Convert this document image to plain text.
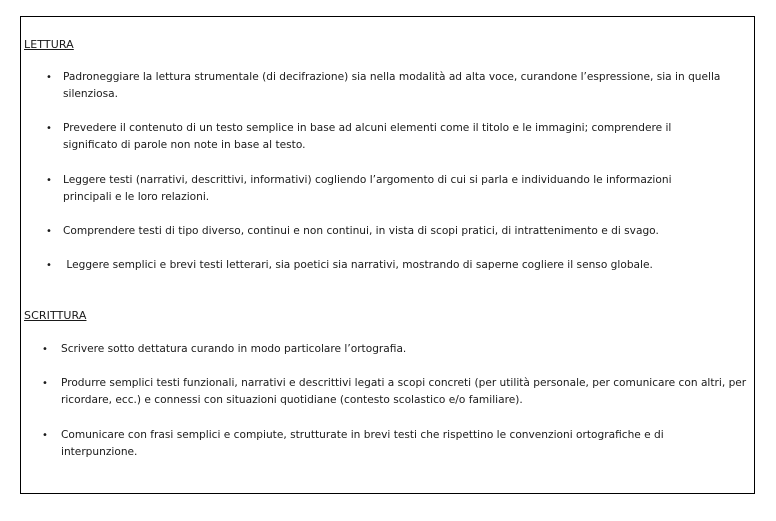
LETTURA
• Padroneggiare la lettura strumentale (di decifrazione) sia nella modalità ad alta voce, curandone l’espressione, sia in quella silenziosa.
• Prevedere il contenuto di un testo semplice in base ad alcuni elementi come il titolo e le immagini; comprendere il significato di parole non note in base al testo.
• Leggere testi (narrativi, descrittivi, informativi) cogliendo l’argomento di cui si parla e individuando le informazioni principali e le loro relazioni.
• Comprendere testi di tipo diverso, continui e non continui, in vista di scopi pratici, di intrattenimento e di svago.
• Leggere semplici e brevi testi letterari, sia poetici sia narrativi, mostrando di saperne cogliere il senso globale.
SCRITTURA
• Scrivere sotto dettatura curando in modo particolare l’ortografia.
• Produrre semplici testi funzionali, narrativi e descrittivi legati a scopi concreti (per utilità personale, per comunicare con altri, per ricordare, ecc.) e connessi con situazioni quotidiane (contesto scolastico e/o familiare).
• Comunicare con frasi semplici e compiute, strutturate in brevi testi che rispettino le convenzioni ortografiche e di interpunzione.
